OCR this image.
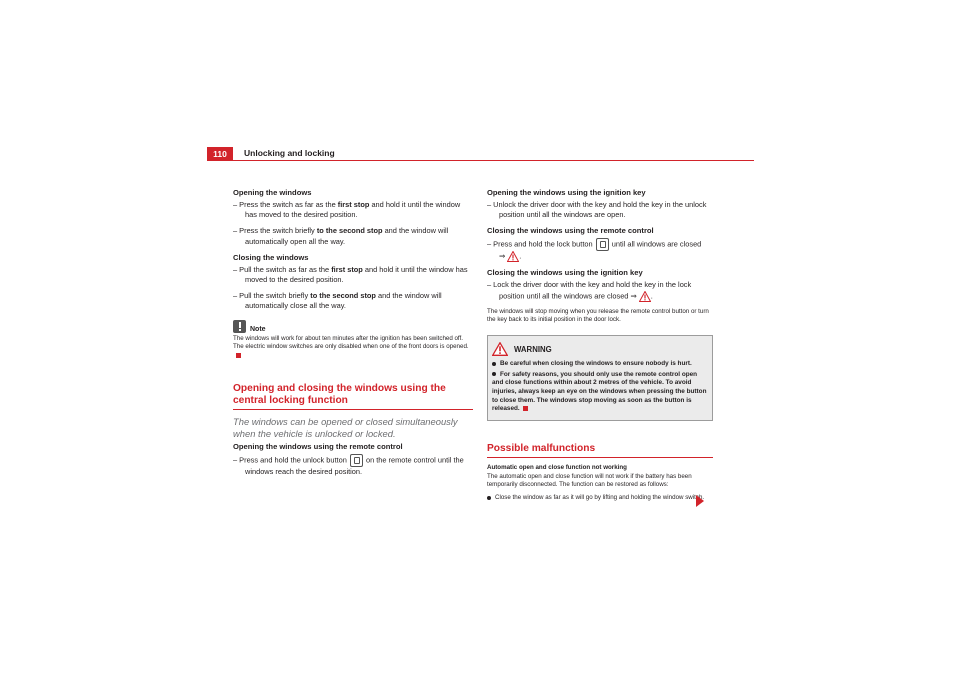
110	Unlocking and locking
Opening the windows
– Press the switch as far as the first stop and hold it until the window has moved to the desired position.
– Press the switch briefly to the second stop and the window will automatically open all the way.
Closing the windows
– Pull the switch as far as the first stop and hold it until the window has moved to the desired position.
– Pull the switch briefly to the second stop and the window will automatically close all the way.
Note

The windows will work for about ten minutes after the ignition has been switched off. The electric window switches are only disabled when one of the front doors is opened.

Opening and closing the windows using the central locking function
The windows can be opened or closed simultaneously when the vehicle is unlocked or locked.
Opening the windows using the remote control
– Press and hold the unlock button	on the remote control until the windows reach the desired position.
Opening the windows using the ignition key
– Unlock the driver door with the key and hold the key in the unlock position until all the windows are open.
Closing the windows using the remote control
– Press and hold the lock button	until all windows are closed
⇒ .
Closing the windows using the ignition key
– Lock the driver door with the key and hold the key in the lock position until all the windows are closed ⇒ .

The windows will stop moving when you release the remote control button or turn the key back to its initial position in the door lock.

WARNING

Be careful when closing the windows to ensure nobody is hurt.

For safety reasons, you should only use the remote control open and close functions within about 2 metres of the vehicle. To avoid injuries, always keep an eye on the windows when pressing the button to close them. The windows stop moving as soon as the button is released.

Possible malfunctions

Automatic open and close function not working

The automatic open and close function will not work if the battery has been temporarily disconnected. The function can be restored as follows:

Close the window as far as it will go by lifting and holding the window switch.
